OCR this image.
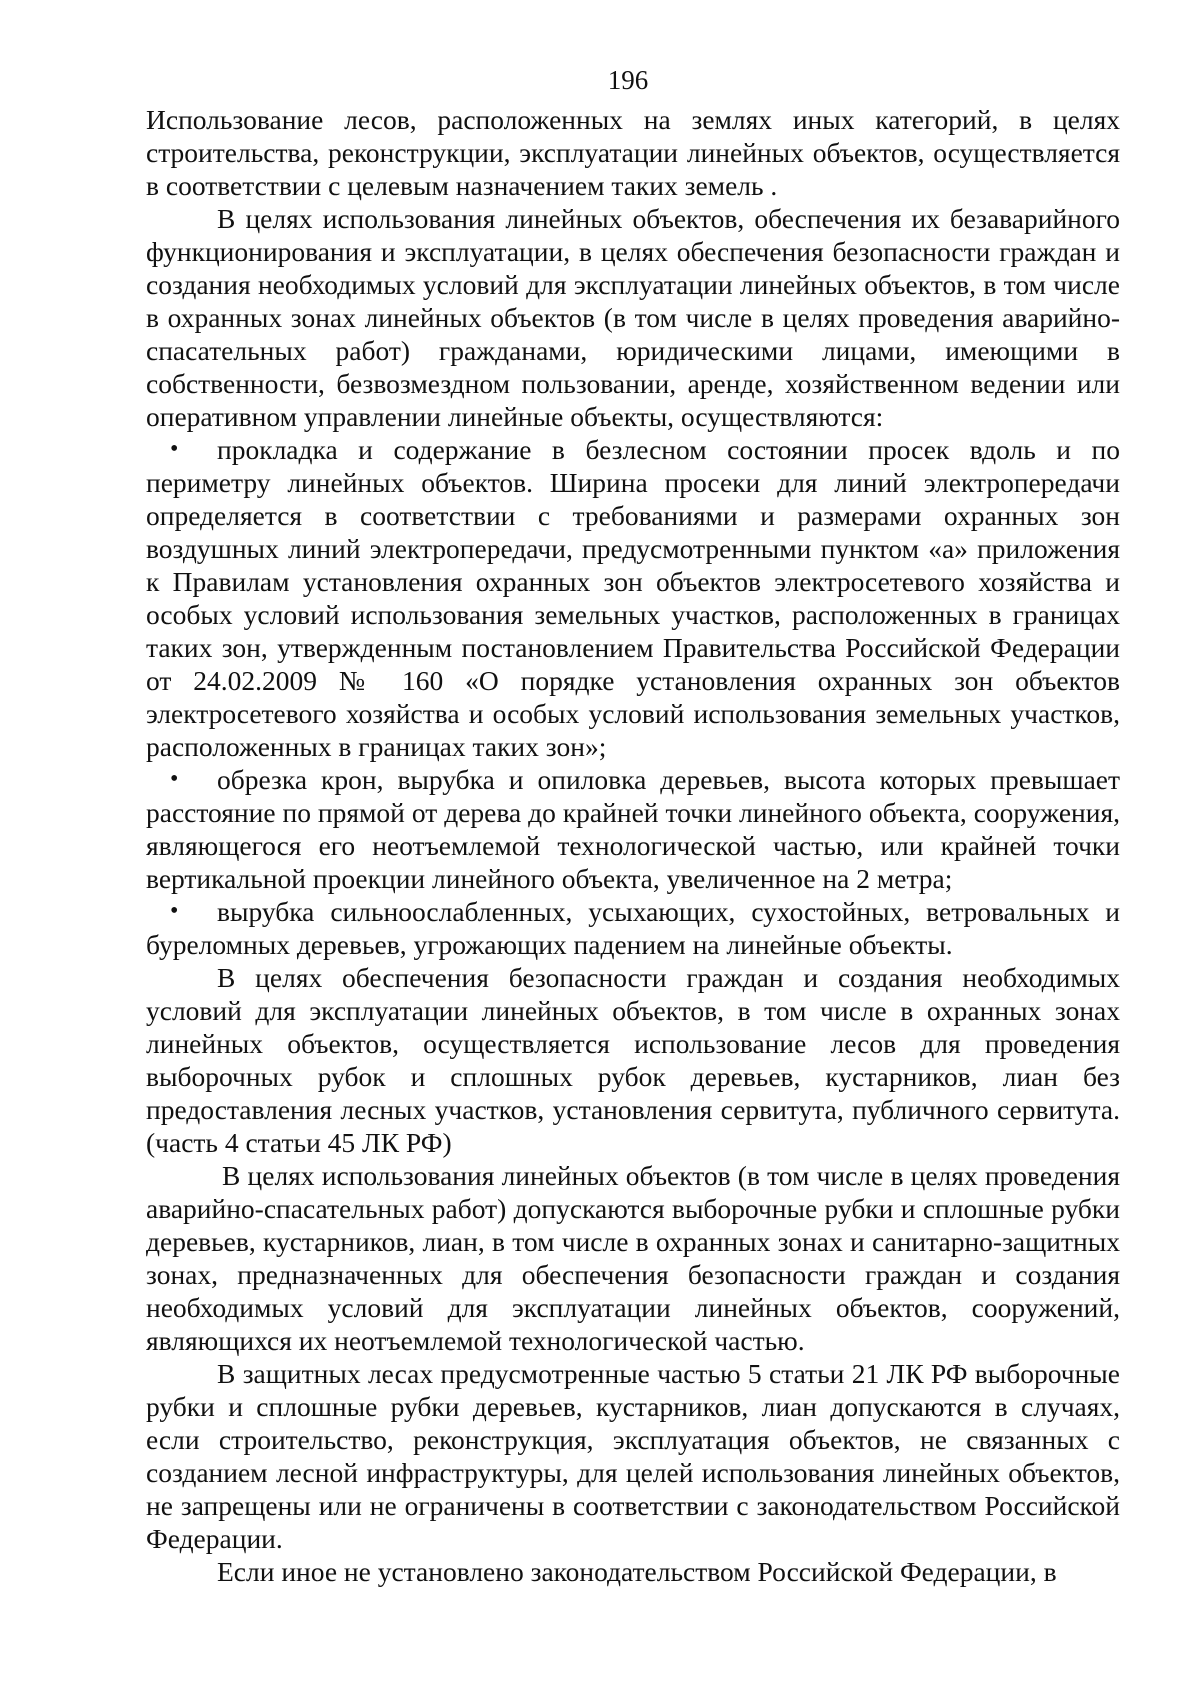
196

Использование лесов, расположенных на землях иных категорий, в целях строительства, реконструкции, эксплуатации линейных объектов, осуществляется в соответствии с целевым назначением таких земель .

В целях использования линейных объектов, обеспечения их безаварийного функционирования и эксплуатации, в целях обеспечения безопасности граждан и создания необходимых условий для эксплуатации линейных объектов, в том числе в охранных зонах линейных объектов (в том числе в целях проведения аварийно-спасательных работ) гражданами, юридическими лицами, имеющими в собственности, безвозмездном пользовании, аренде, хозяйственном ведении или оперативном управлении линейные объекты, осуществляются:

• прокладка и содержание в безлесном состоянии просек вдоль и по периметру линейных объектов. Ширина просеки для линий электропередачи определяется в соответствии с требованиями и размерами охранных зон воздушных линий электропередачи, предусмотренными пунктом «а» приложения к Правилам установления охранных зон объектов электросетевого хозяйства и особых условий использования земельных участков, расположенных в границах таких зон, утвержденным постановлением Правительства Российской Федерации от 24.02.2009 № 160 «О порядке установления охранных зон объектов электросетевого хозяйства и особых условий использования земельных участков, расположенных в границах таких зон»;
• обрезка крон, вырубка и опиловка деревьев, высота которых превышает расстояние по прямой от дерева до крайней точки линейного объекта, сооружения, являющегося его неотъемлемой технологической частью, или крайней точки вертикальной проекции линейного объекта, увеличенное на 2 метра;
• вырубка сильноослабленных, усыхающих, сухостойных, ветровальных и буреломных деревьев, угрожающих падением на линейные объекты.

В целях обеспечения безопасности граждан и создания необходимых условий для эксплуатации линейных объектов, в том числе в охранных зонах линейных объектов, осуществляется использование лесов для проведения выборочных рубок и сплошных рубок деревьев, кустарников, лиан без предоставления лесных участков, установления сервитута, публичного сервитута. (часть 4 статьи 45 ЛК РФ)

В целях использования линейных объектов (в том числе в целях проведения аварийно-спасательных работ) допускаются выборочные рубки и сплошные рубки деревьев, кустарников, лиан, в том числе в охранных зонах и санитарно-защитных зонах, предназначенных для обеспечения безопасности граждан и создания необходимых условий для эксплуатации линейных объектов, сооружений, являющихся их неотъемлемой технологической частью.

В защитных лесах предусмотренные частью 5 статьи 21 ЛК РФ выборочные рубки и сплошные рубки деревьев, кустарников, лиан допускаются в случаях, если строительство, реконструкция, эксплуатация объектов, не связанных с созданием лесной инфраструктуры, для целей использования линейных объектов, не запрещены или не ограничены в соответствии с законодательством Российской Федерации.

Если иное не установлено законодательством Российской Федерации, в
